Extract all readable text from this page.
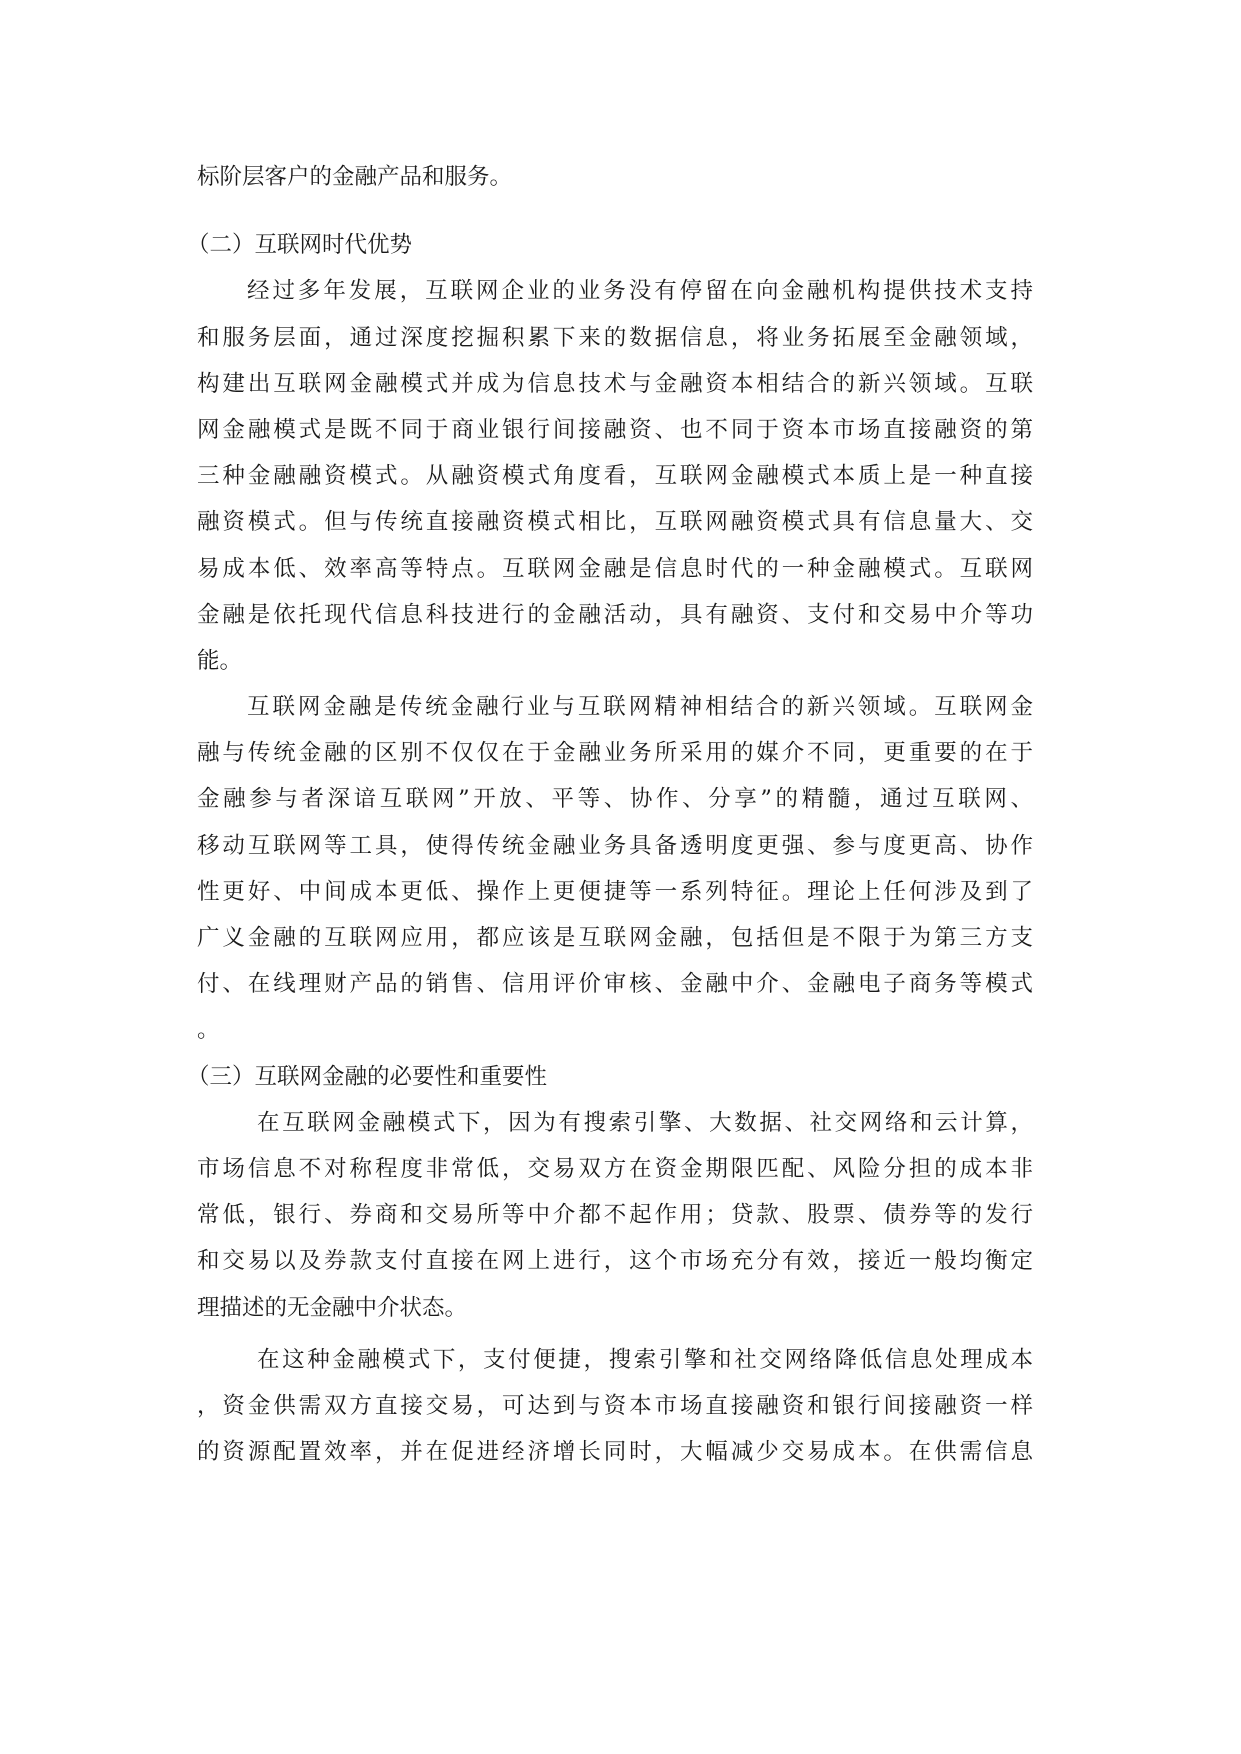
标阶层客户的金融产品和服务。
（二）互联网时代优势
经过多年发展，互联网企业的业务没有停留在向金融机构提供技术支持
和服务层面，通过深度挖掘积累下来的数据信息，将业务拓展至金融领域，
构建出互联网金融模式并成为信息技术与金融资本相结合的新兴领域。互联
网金融模式是既不同于商业银行间接融资、也不同于资本市场直接融资的第
三种金融融资模式。从融资模式角度看，互联网金融模式本质上是一种直接
融资模式。但与传统直接融资模式相比，互联网融资模式具有信息量大、交
易成本低、效率高等特点。互联网金融是信息时代的一种金融模式。互联网
金融是依托现代信息科技进行的金融活动，具有融资、支付和交易中介等功
能。
互联网金融是传统金融行业与互联网精神相结合的新兴领域。互联网金
融与传统金融的区别不仅仅在于金融业务所采用的媒介不同，更重要的在于
金融参与者深谙互联网”开放、平等、协作、分享”的精髓，通过互联网、
移动互联网等工具，使得传统金融业务具备透明度更强、参与度更高、协作
性更好、中间成本更低、操作上更便捷等一系列特征。理论上任何涉及到了
广义金融的互联网应用，都应该是互联网金融，包括但是不限于为第三方支
付、在线理财产品的销售、信用评价审核、金融中介、金融电子商务等模式
。
（三）互联网金融的必要性和重要性
在互联网金融模式下，因为有搜索引擎、大数据、社交网络和云计算，
市场信息不对称程度非常低，交易双方在资金期限匹配、风险分担的成本非
常低，银行、券商和交易所等中介都不起作用；贷款、股票、债券等的发行
和交易以及券款支付直接在网上进行，这个市场充分有效，接近一般均衡定
理描述的无金融中介状态。
在这种金融模式下，支付便捷，搜索引擎和社交网络降低信息处理成本
，资金供需双方直接交易，可达到与资本市场直接融资和银行间接融资一样
的资源配置效率，并在促进经济增长同时，大幅减少交易成本。在供需信息
